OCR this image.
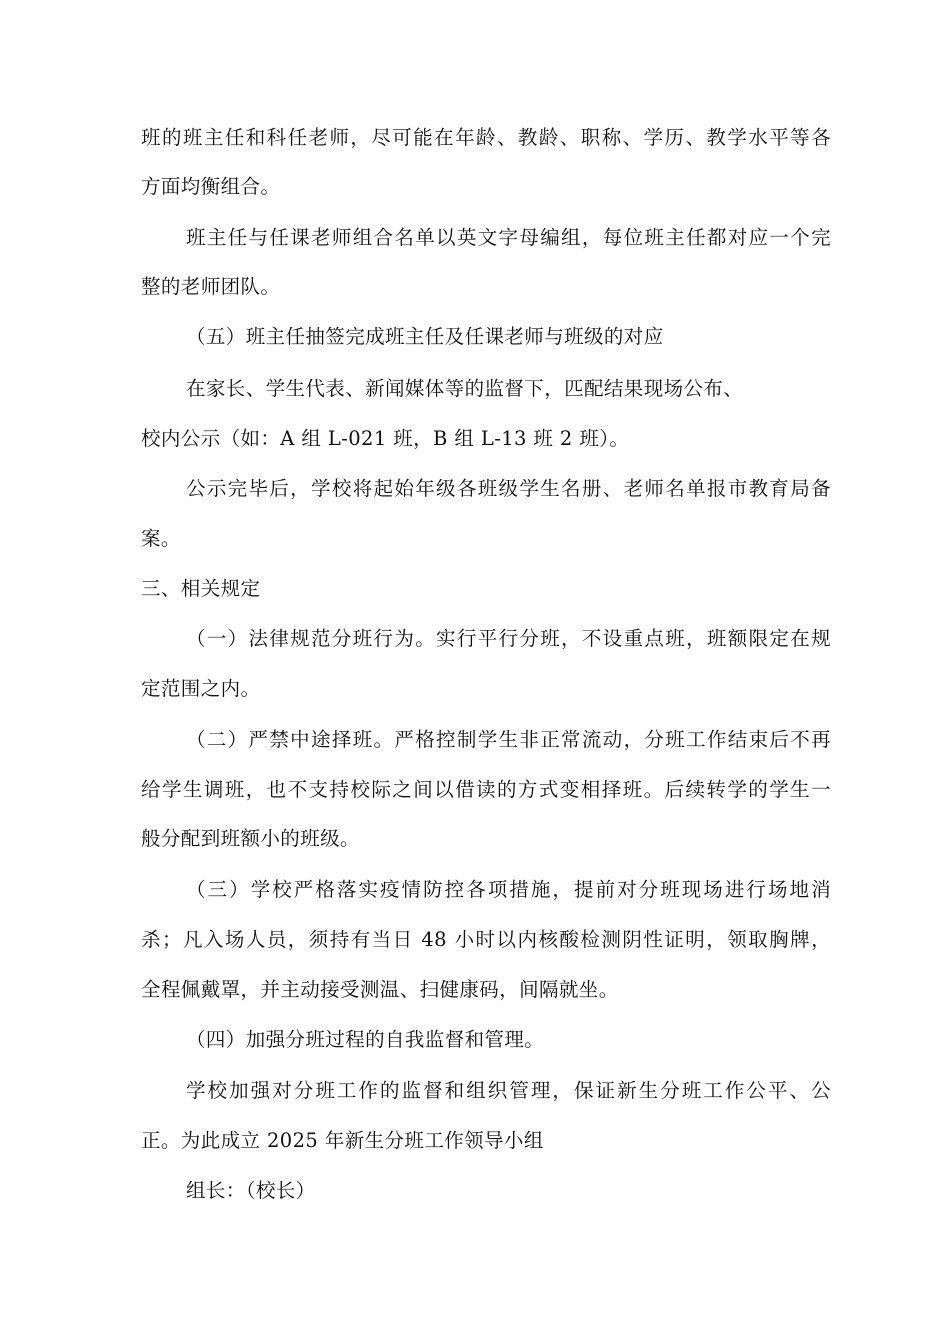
班的班主任和科任老师，尽可能在年龄、教龄、职称、学历、教学水平等各
方面均衡组合。
班主任与任课老师组合名单以英文字母编组，每位班主任都对应一个完
整的老师团队。
（五）班主任抽签完成班主任及任课老师与班级的对应
在家长、学生代表、新闻媒体等的监督下，匹配结果现场公布、
校内公示（如：A 组 L-021 班，B 组 L-13 班 2 班）。
公示完毕后，学校将起始年级各班级学生名册、老师名单报市教育局备
案。
三、相关规定
（一）法律规范分班行为。实行平行分班，不设重点班，班额限定在规
定范围之内。
（二）严禁中途择班。严格控制学生非正常流动，分班工作结束后不再
给学生调班，也不支持校际之间以借读的方式变相择班。后续转学的学生一
般分配到班额小的班级。
（三）学校严格落实疫情防控各项措施，提前对分班现场进行场地消
杀；凡入场人员，须持有当日 48 小时以内核酸检测阴性证明，领取胸牌，
全程佩戴罩，并主动接受测温、扫健康码，间隔就坐。
（四）加强分班过程的自我监督和管理。
学校加强对分班工作的监督和组织管理，保证新生分班工作公平、公
正。为此成立 2025 年新生分班工作领导小组
组长：（校长）
